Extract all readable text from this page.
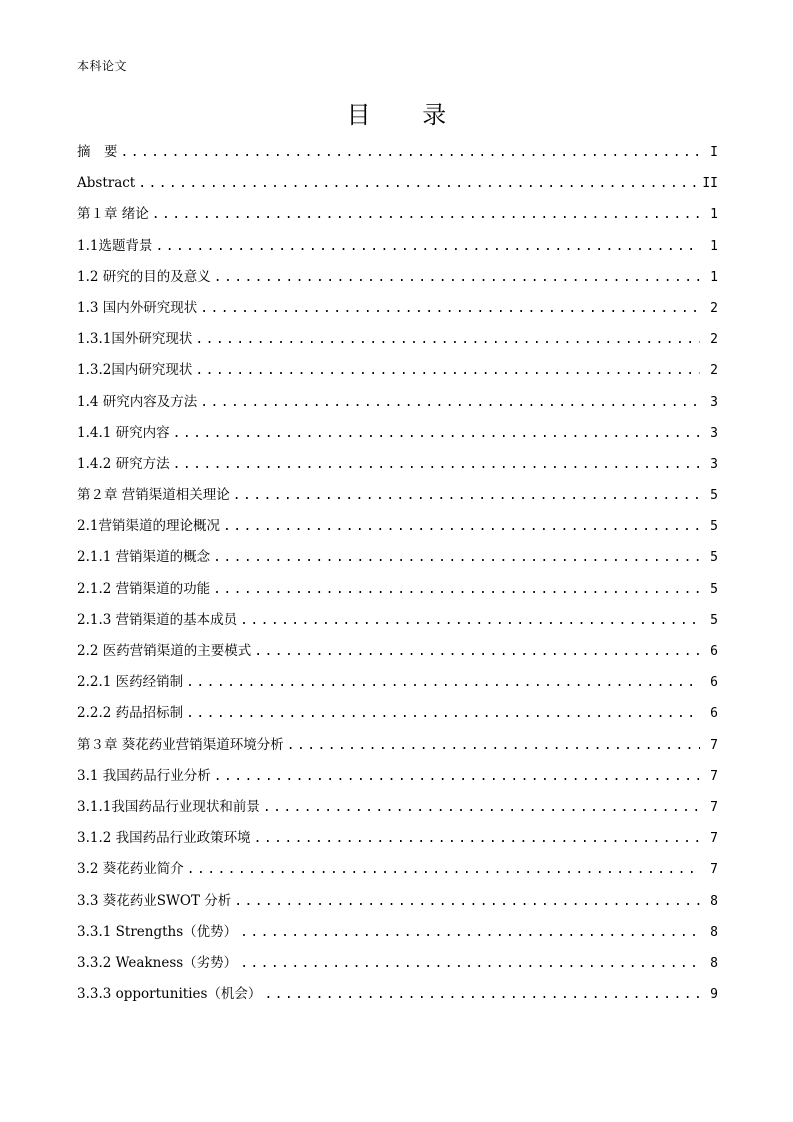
本科论文
目 录
摘　要 .....	I
Abstract .....	II
第１章 绪论 .....	1
1.1选题背景 .....	1
1.2 研究的目的及意义 .....	1
1.3 国内外研究现状 .....	2
1.3.1国外研究现状 .....	2
1.3.2国内研究现状 .....	2
1.4 研究内容及方法 .....	3
1.4.1 研究内容 .....	3
1.4.2 研究方法 .....	3
第２章 营销渠道相关理论 .....	5
2.1营销渠道的理论概况 .....	5
2.1.1 营销渠道的概念 .....	5
2.1.2 营销渠道的功能 .....	5
2.1.3 营销渠道的基本成员 .....	5
2.2 医药营销渠道的主要模式 .....	6
2.2.1 医药经销制 .....	6
2.2.2 药品招标制 .....	6
第３章 葵花药业营销渠道环境分析 .....	7
3.1 我国药品行业分析 .....	7
3.1.1我国药品行业现状和前景 .....	7
3.1.2 我国药品行业政策环境 .....	7
3.2 葵花药业简介 .....	7
3.3 葵花药业SWOT 分析 .....	8
3.3.1 Strengths（优势） .....	8
3.3.2 Weakness（劣势） .....	8
3.3.3 opportunities（机会） .....	9
